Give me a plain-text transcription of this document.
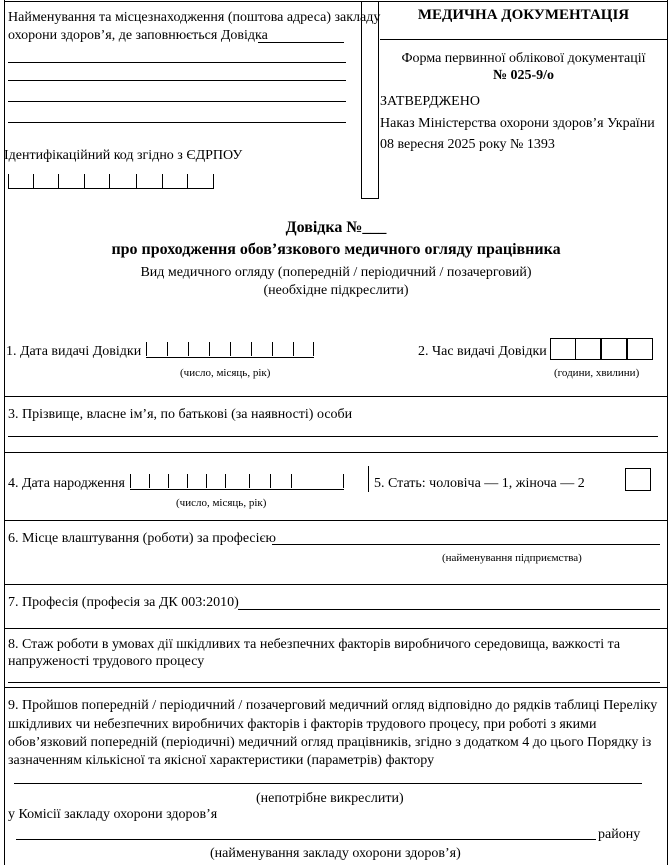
Найменування та місцезнаходження (поштова адреса) закладу
охорони здоров’я, де заповнюється Довідка
Ідентифікаційний код згідно з ЄДРПОУ
МЕДИЧНА ДОКУМЕНТАЦІЯ
Форма первинної облікової документації
№ 025-9/о
ЗАТВЕРДЖЕНО
Наказ Міністерства охорони здоров’я України
08 вересня 2025 року № 1393
Довідка №___
про проходження обов’язкового медичного огляду працівника
Вид медичного огляду (попередній / періодичний / позачерговий)
(необхідне підкреслити)
1. Дата видачі Довідки
(число, місяць, рік)
2. Час видачі Довідки
(години, хвилини)
3. Прізвище, власне ім’я, по батькові (за наявності) особи
4. Дата народження
(число, місяць, рік)
5. Стать: чоловіча — 1, жіноча — 2
6. Місце влаштування (роботи) за професією
(найменування підприємства)
7. Професія (професія за ДК 003:2010)
8. Стаж роботи в умовах дії шкідливих та небезпечних факторів виробничого середовища, важкості та
напруженості трудового процесу
9. Пройшов попередній / періодичний / позачерговий медичний огляд відповідно до рядків таблиці Переліку
шкідливих чи небезпечних виробничих факторів і факторів трудового процесу, при роботі з якими
обов’язковий попередній (періодичні) медичний огляд працівників, згідно з додатком 4 до цього Порядку із
зазначенням кількісної та якісної характеристики (параметрів) фактору
(непотрібне викреслити)
у Комісії закладу охорони здоров’я
району
(найменування закладу охорони здоров’я)
